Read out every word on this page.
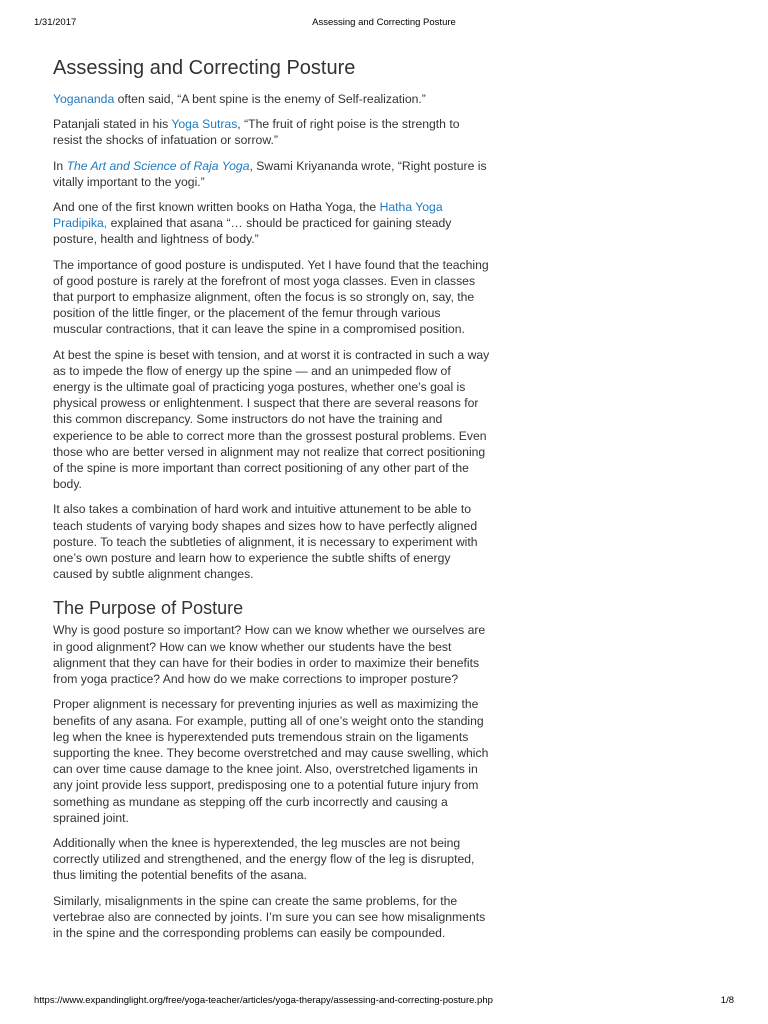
1/31/2017	Assessing and Correcting Posture
Assessing and Correcting Posture

Yogananda often said, “A bent spine is the enemy of Self-realization.”

Patanjali stated in his Yoga Sutras, “The fruit of right poise is the strength to resist the shocks of infatuation or sorrow.”

In The Art and Science of Raja Yoga, Swami Kriyananda wrote, “Right posture is vitally important to the yogi.”

And one of the first known written books on Hatha Yoga, the Hatha Yoga Pradipika, explained that asana “… should be practiced for gaining steady posture, health and lightness of body.”

The importance of good posture is undisputed. Yet I have found that the teaching of good posture is rarely at the forefront of most yoga classes. Even in classes that purport to emphasize alignment, often the focus is so strongly on, say, the position of the little finger, or the placement of the femur through various muscular contractions, that it can leave the spine in a compromised position.

At best the spine is beset with tension, and at worst it is contracted in such a way as to impede the flow of energy up the spine — and an unimpeded flow of energy is the ultimate goal of practicing yoga postures, whether one’s goal is physical prowess or enlightenment. I suspect that there are several reasons for this common discrepancy. Some instructors do not have the training and experience to be able to correct more than the grossest postural problems. Even those who are better versed in alignment may not realize that correct positioning of the spine is more important than correct positioning of any other part of the body.

It also takes a combination of hard work and intuitive attunement to be able to teach students of varying body shapes and sizes how to have perfectly aligned posture. To teach the subtleties of alignment, it is necessary to experiment with one’s own posture and learn how to experience the subtle shifts of energy caused by subtle alignment changes.

The Purpose of Posture

Why is good posture so important? How can we know whether we ourselves are in good alignment? How can we know whether our students have the best alignment that they can have for their bodies in order to maximize their benefits from yoga practice? And how do we make corrections to improper posture?

Proper alignment is necessary for preventing injuries as well as maximizing the benefits of any asana. For example, putting all of one’s weight onto the standing leg when the knee is hyperextended puts tremendous strain on the ligaments supporting the knee. They become overstretched and may cause swelling, which can over time cause damage to the knee joint. Also, overstretched ligaments in any joint provide less support, predisposing one to a potential future injury from something as mundane as stepping off the curb incorrectly and causing a sprained joint.

Additionally when the knee is hyperextended, the leg muscles are not being correctly utilized and strengthened, and the energy flow of the leg is disrupted, thus limiting the potential benefits of the asana.

Similarly, misalignments in the spine can create the same problems, for the vertebrae also are connected by joints. I’m sure you can see how misalignments in the spine and the corresponding problems can easily be compounded.

https://www.expandinglight.org/free/yoga-teacher/articles/yoga-therapy/assessing-and-correcting-posture.php	1/8
